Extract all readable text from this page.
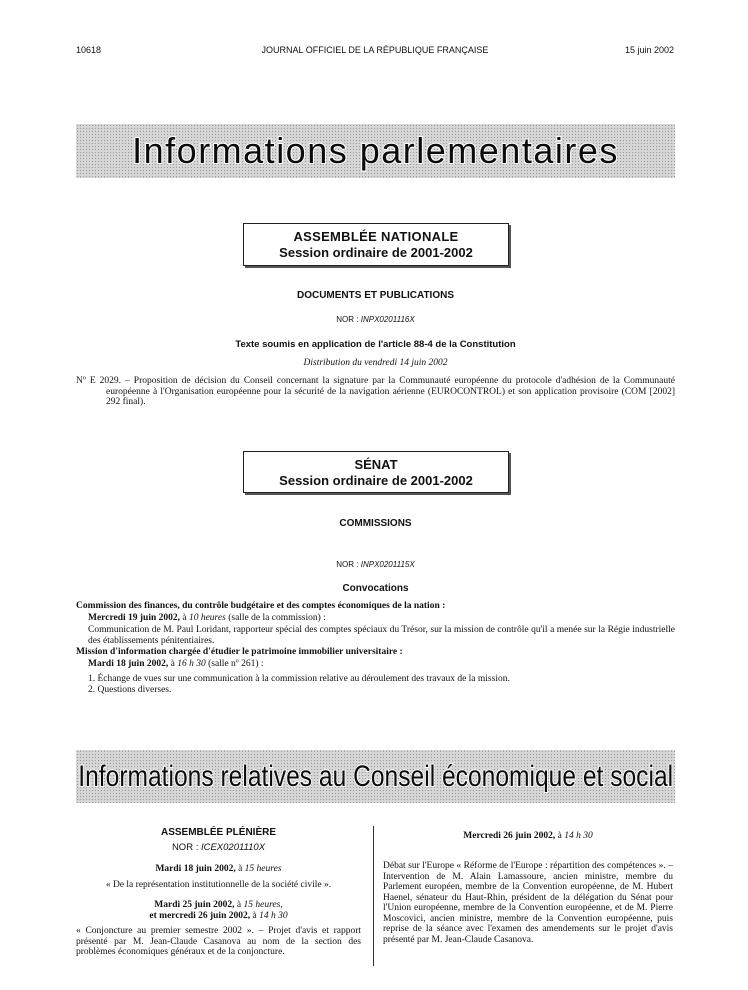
10618	JOURNAL OFFICIEL DE LA RÉPUBLIQUE FRANÇAISE	15 juin 2002
Informations parlementaires
ASSEMBLÉE NATIONALE
Session ordinaire de 2001-2002
DOCUMENTS ET PUBLICATIONS
NOR : INPX0201116X
Texte soumis en application de l'article 88-4 de la Constitution
Distribution du vendredi 14 juin 2002
Nº E 2029. – Proposition de décision du Conseil concernant la signature par la Communauté européenne du protocole d'adhésion de la Communauté européenne à l'Organisation européenne pour la sécurité de la navigation aérienne (EUROCONTROL) et son application provisoire (COM [2002] 292 final).
SÉNAT
Session ordinaire de 2001-2002
COMMISSIONS
NOR : INPX0201115X
Convocations
Commission des finances, du contrôle budgétaire et des comptes économiques de la nation :
Mercredi 19 juin 2002, à 10 heures (salle de la commission) :
Communication de M. Paul Loridant, rapporteur spécial des comptes spéciaux du Trésor, sur la mission de contrôle qu'il a menée sur la Régie industrielle des établissements pénitentiaires.
Mission d'information chargée d'étudier le patrimoine immobilier universitaire :
Mardi 18 juin 2002, à 16 h 30 (salle nº 261) :
1. Échange de vues sur une communication à la commission relative au déroulement des travaux de la mission.
2. Questions diverses.
Informations relatives au Conseil économique et social
ASSEMBLÉE PLÉNIÈRE
NOR : ICEX0201110X
Mardi 18 juin 2002, à 15 heures
« De la représentation institutionnelle de la société civile ».
Mardi 25 juin 2002, à 15 heures,
et mercredi 26 juin 2002, à 14 h 30
« Conjoncture au premier semestre 2002 ». – Projet d'avis et rapport présenté par M. Jean-Claude Casanova au nom de la section des problèmes économiques généraux et de la conjoncture.
Mercredi 26 juin 2002, à 14 h 30
Débat sur l'Europe « Réforme de l'Europe : répartition des compétences ». – Intervention de M. Alain Lamassoure, ancien ministre, membre du Parlement européen, membre de la Convention européenne, de M. Hubert Haenel, sénateur du Haut-Rhin, président de la délégation du Sénat pour l'Union européenne, membre de la Convention européenne, et de M. Pierre Moscovici, ancien ministre, membre de la Convention européenne, puis reprise de la séance avec l'examen des amendements sur le projet d'avis présenté par M. Jean-Claude Casanova.
